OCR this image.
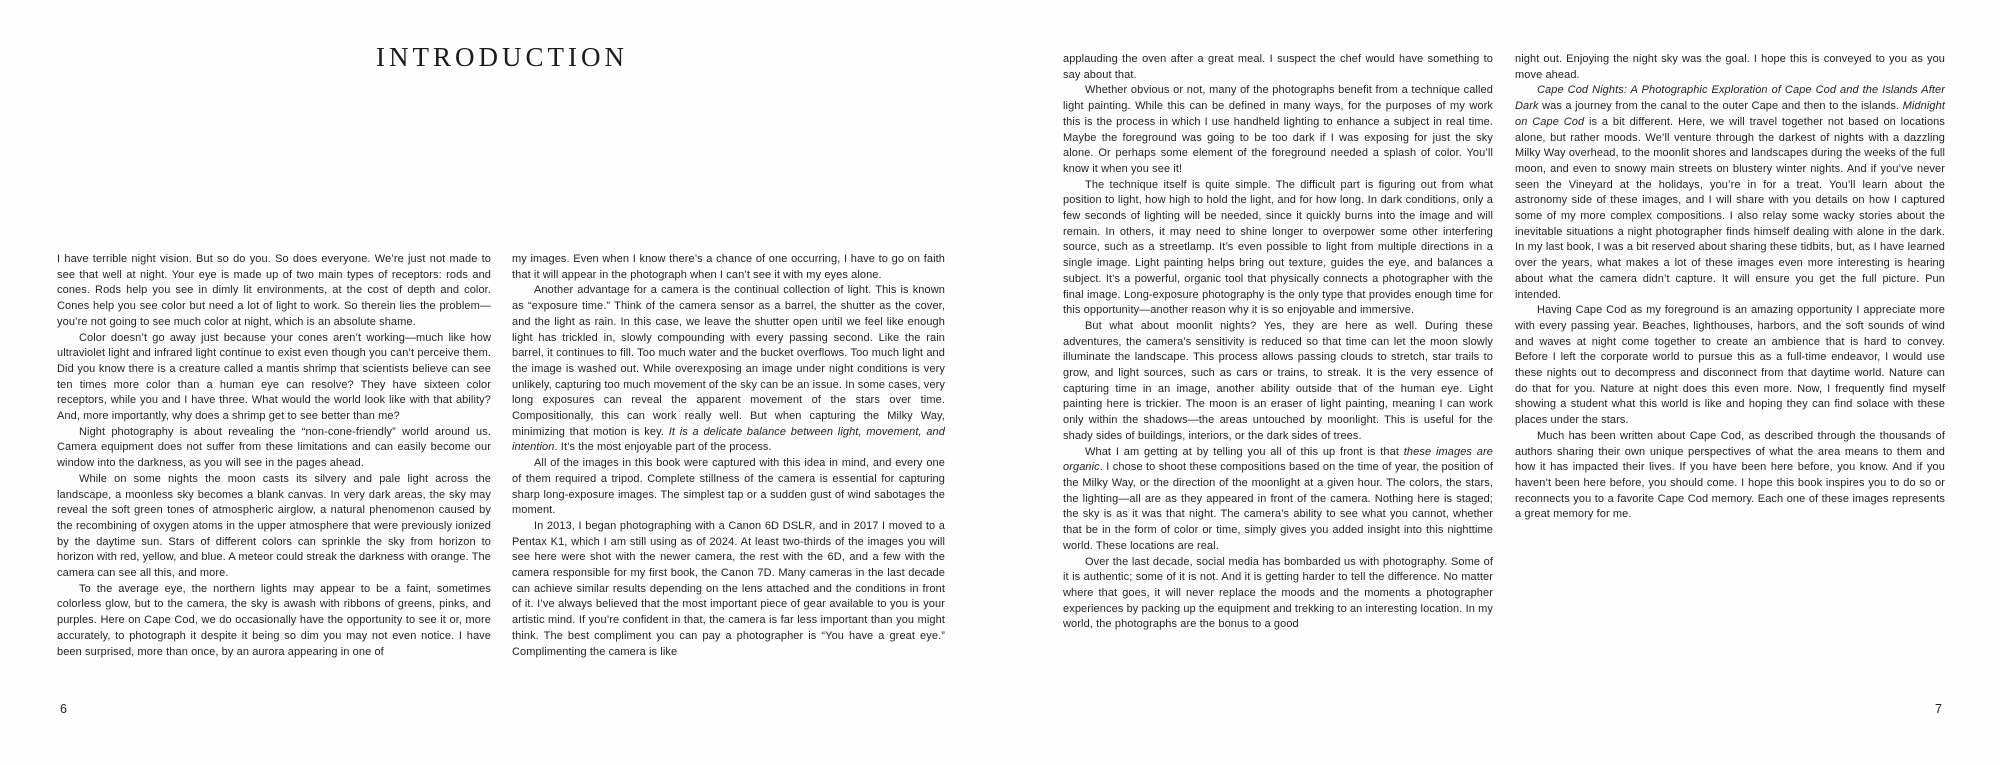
INTRODUCTION

I have terrible night vision. But so do you. So does everyone. We’re just not made to see that well at night. Your eye is made up of two main types of receptors: rods and cones. Rods help you see in dimly lit environments, at the cost of depth and color. Cones help you see color but need a lot of light to work. So therein lies the problem—you’re not going to see much color at night, which is an absolute shame.

Color doesn’t go away just because your cones aren’t working—much like how ultraviolet light and infrared light continue to exist even though you can’t perceive them. Did you know there is a creature called a mantis shrimp that scientists believe can see ten times more color than a human eye can resolve? They have sixteen color receptors, while you and I have three. What would the world look like with that ability? And, more importantly, why does a shrimp get to see better than me?

Night photography is about revealing the “non-cone-friendly” world around us. Camera equipment does not suffer from these limitations and can easily become our window into the darkness, as you will see in the pages ahead.

While on some nights the moon casts its silvery and pale light across the landscape, a moonless sky becomes a blank canvas. In very dark areas, the sky may reveal the soft green tones of atmospheric airglow, a natural phenomenon caused by the recombining of oxygen atoms in the upper atmosphere that were previously ionized by the daytime sun. Stars of different colors can sprinkle the sky from horizon to horizon with red, yellow, and blue. A meteor could streak the darkness with orange. The camera can see all this, and more.

To the average eye, the northern lights may appear to be a faint, sometimes colorless glow, but to the camera, the sky is awash with ribbons of greens, pinks, and purples. Here on Cape Cod, we do occasionally have the opportunity to see it or, more accurately, to photograph it despite it being so dim you may not even notice. I have been surprised, more than once, by an aurora appearing in one of

my images. Even when I know there’s a chance of one occurring, I have to go on faith that it will appear in the photograph when I can’t see it with my eyes alone.

Another advantage for a camera is the continual collection of light. This is known as “exposure time.” Think of the camera sensor as a barrel, the shutter as the cover, and the light as rain. In this case, we leave the shutter open until we feel like enough light has trickled in, slowly compounding with every passing second. Like the rain barrel, it continues to fill. Too much water and the bucket overflows. Too much light and the image is washed out. While overexposing an image under night conditions is very unlikely, capturing too much movement of the sky can be an issue. In some cases, very long exposures can reveal the apparent movement of the stars over time. Compositionally, this can work really well. But when capturing the Milky Way, minimizing that motion is key. It is a delicate balance between light, movement, and intention. It’s the most enjoyable part of the process.

All of the images in this book were captured with this idea in mind, and every one of them required a tripod. Complete stillness of the camera is essential for capturing sharp long-exposure images. The simplest tap or a sudden gust of wind sabotages the moment.

In 2013, I began photographing with a Canon 6D DSLR, and in 2017 I moved to a Pentax K1, which I am still using as of 2024. At least two-thirds of the images you will see here were shot with the newer camera, the rest with the 6D, and a few with the camera responsible for my first book, the Canon 7D. Many cameras in the last decade can achieve similar results depending on the lens attached and the conditions in front of it. I’ve always believed that the most important piece of gear available to you is your artistic mind. If you’re confident in that, the camera is far less important than you might think. The best compliment you can pay a photographer is “You have a great eye.” Complimenting the camera is like

6

applauding the oven after a great meal. I suspect the chef would have something to say about that.

Whether obvious or not, many of the photographs benefit from a technique called light painting. While this can be defined in many ways, for the purposes of my work this is the process in which I use handheld lighting to enhance a subject in real time. Maybe the foreground was going to be too dark if I was exposing for just the sky alone. Or perhaps some element of the foreground needed a splash of color. You’ll know it when you see it!

The technique itself is quite simple. The difficult part is figuring out from what position to light, how high to hold the light, and for how long. In dark conditions, only a few seconds of lighting will be needed, since it quickly burns into the image and will remain. In others, it may need to shine longer to overpower some other interfering source, such as a streetlamp. It’s even possible to light from multiple directions in a single image. Light painting helps bring out texture, guides the eye, and balances a subject. It’s a powerful, organic tool that physically connects a photographer with the final image. Long-exposure photography is the only type that provides enough time for this opportunity—another reason why it is so enjoyable and immersive.

But what about moonlit nights? Yes, they are here as well. During these adventures, the camera’s sensitivity is reduced so that time can let the moon slowly illuminate the landscape. This process allows passing clouds to stretch, star trails to grow, and light sources, such as cars or trains, to streak. It is the very essence of capturing time in an image, another ability outside that of the human eye. Light painting here is trickier. The moon is an eraser of light painting, meaning I can work only within the shadows—the areas untouched by moonlight. This is useful for the shady sides of buildings, interiors, or the dark sides of trees.

What I am getting at by telling you all of this up front is that these images are organic. I chose to shoot these compositions based on the time of year, the position of the Milky Way, or the direction of the moonlight at a given hour. The colors, the stars, the lighting—all are as they appeared in front of the camera. Nothing here is staged; the sky is as it was that night. The camera’s ability to see what you cannot, whether that be in the form of color or time, simply gives you added insight into this nighttime world. These locations are real.

Over the last decade, social media has bombarded us with photography. Some of it is authentic; some of it is not. And it is getting harder to tell the difference. No matter where that goes, it will never replace the moods and the moments a photographer experiences by packing up the equipment and trekking to an interesting location. In my world, the photographs are the bonus to a good

night out. Enjoying the night sky was the goal. I hope this is conveyed to you as you move ahead.

Cape Cod Nights: A Photographic Exploration of Cape Cod and the Islands After Dark was a journey from the canal to the outer Cape and then to the islands. Midnight on Cape Cod is a bit different. Here, we will travel together not based on locations alone, but rather moods. We’ll venture through the darkest of nights with a dazzling Milky Way overhead, to the moonlit shores and landscapes during the weeks of the full moon, and even to snowy main streets on blustery winter nights. And if you’ve never seen the Vineyard at the holidays, you’re in for a treat. You’ll learn about the astronomy side of these images, and I will share with you details on how I captured some of my more complex compositions. I also relay some wacky stories about the inevitable situations a night photographer finds himself dealing with alone in the dark. In my last book, I was a bit reserved about sharing these tidbits, but, as I have learned over the years, what makes a lot of these images even more interesting is hearing about what the camera didn’t capture. It will ensure you get the full picture. Pun intended.

Having Cape Cod as my foreground is an amazing opportunity I appreciate more with every passing year. Beaches, lighthouses, harbors, and the soft sounds of wind and waves at night come together to create an ambience that is hard to convey. Before I left the corporate world to pursue this as a full-time endeavor, I would use these nights out to decompress and disconnect from that daytime world. Nature can do that for you. Nature at night does this even more. Now, I frequently find myself showing a student what this world is like and hoping they can find solace with these places under the stars.

Much has been written about Cape Cod, as described through the thousands of authors sharing their own unique perspectives of what the area means to them and how it has impacted their lives. If you have been here before, you know. And if you haven’t been here before, you should come. I hope this book inspires you to do so or reconnects you to a favorite Cape Cod memory. Each one of these images represents a great memory for me.

7
